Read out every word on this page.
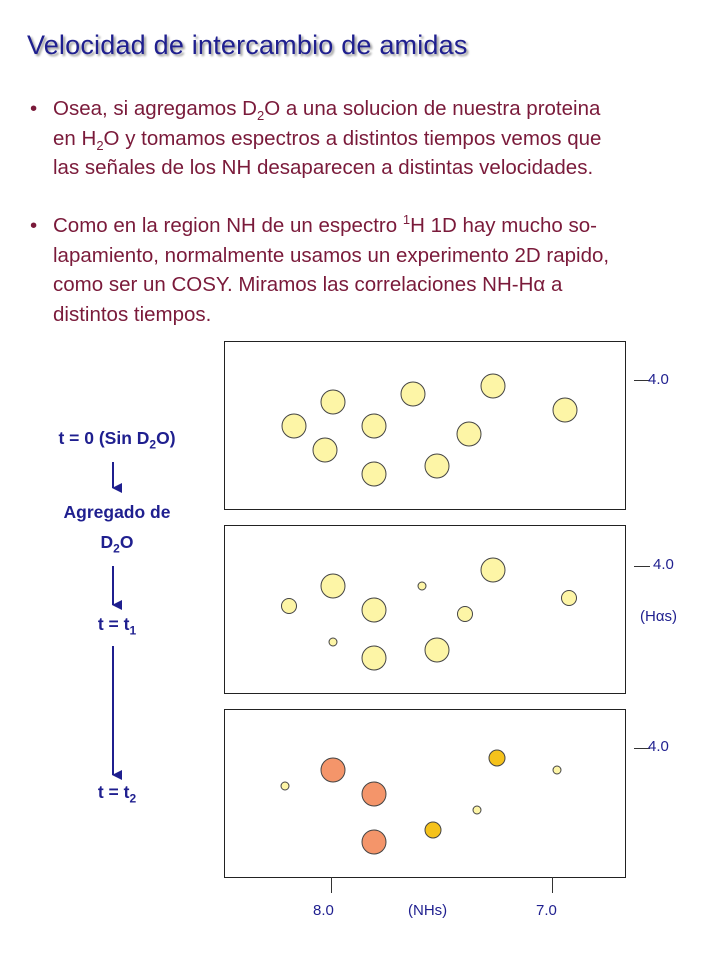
Velocidad de intercambio de amidas
• Osea, si agregamos $D_2O$ a una solucion de nuestra proteina
en $H_2O$ y tomamos espectros a distintos tiempos vemos que
las señales de los NH desaparecen a distintas velocidades.
• Como en la region NH de un espectro $^1$H 1D hay mucho so-
lapamiento, normalmente usamos un experimento 2D rapido,
como ser un COSY. Miramos las correlaciones NH-Hα a
distintos tiempos.
t = 0 (Sin $D_2O$)
Agregado de
$D_2O$
$t = t_1$
$t = t_2$
4.0
4.0
(Hαs)
4.0
8.0	(NHs)	7.0
